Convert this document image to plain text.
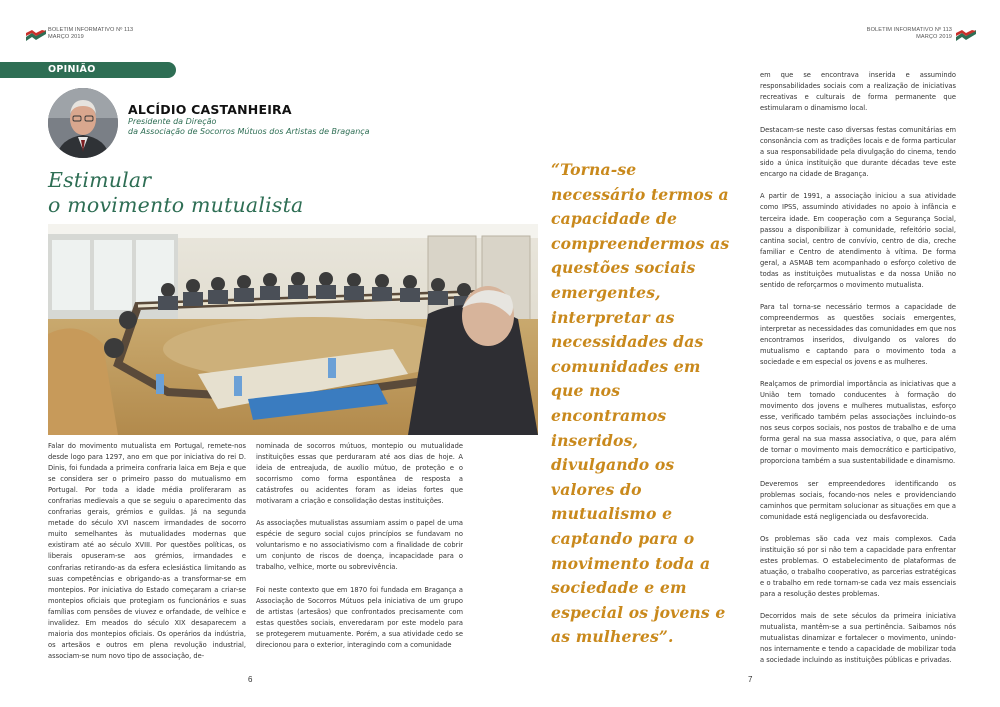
BOLETIM INFORMATIVO Nº 113
MARÇO 2019
BOLETIM INFORMATIVO Nº 113
MARÇO 2019
OPINIÃO
ALCÍDIO CASTANHEIRA
Presidente da Direção
da Associação de Socorros Mútuos dos Artistas de Bragança
Estimular
o movimento mutualista

Falar do movimento mutualista em Portugal, remete-nos desde logo para 1297, ano em que por iniciativa do rei D. Dinis, foi fundada a primeira confraria laica em Beja e que se considera ser o primeiro passo do mutualismo em Portugal. Por toda a idade média proliferaram as confrarias medievais a que se seguiu o aparecimento das confrarias gerais, grémios e guildas. Já na segunda metade do século XVI nascem irmandades de socorro muito semelhantes às mutualidades modernas que existiram até ao século XVIII. Por questões políticas, os liberais opuseram-se aos grémios, irmandades e confrarias retirando-as da esfera eclesiástica limitando as suas competências e obrigando-as a transformar-se em montepios. Por iniciativa do Estado começaram a criar-se montepios oficiais que protegiam os funcionários e suas famílias com pensões de viuvez e orfandade, de velhice e invalidez. Em meados do século XIX desaparecem a maioria dos montepios oficiais. Os operários da indústria, os artesãos e outros em plena revolução industrial, associam-se num novo tipo de associação, de-

nominada de socorros mútuos, montepio ou mutualidade instituições essas que perduraram até aos dias de hoje. A ideia de entreajuda, de auxílio mútuo, de proteção e o socorrismo como forma espontânea de resposta a catástrofes ou acidentes foram as ideias fortes que motivaram a criação e consolidação destas instituições.

As associações mutualistas assumiam assim o papel de uma espécie de seguro social cujos princípios se fundavam no voluntarismo e no associativismo com a finalidade de cobrir um conjunto de riscos de doença, incapacidade para o trabalho, velhice, morte ou sobrevivência.

Foi neste contexto que em 1870 foi fundada em Bragança a Associação de Socorros Mútuos pela iniciativa de um grupo de artistas (artesãos) que confrontados precisamente com estas questões sociais, enveredaram por este modelo para se protegerem mutuamente. Porém, a sua atividade cedo se direcionou para o exterior, interagindo com a comunidade

“Torna-se necessário termos a capacidade de compreendermos as questões sociais emergentes, interpretar as necessidades das comunidades em que nos encontramos inseridos, divulgando os valores do mutualismo e captando para o movimento toda a sociedade e em especial os jovens e as mulheres”.

em que se encontrava inserida e assumindo responsabilidades sociais com a realização de iniciativas recreativas e culturais de forma permanente que estimularam o dinamismo local.

Destacam-se neste caso diversas festas comunitárias em consonância com as tradições locais e de forma particular a sua responsabilidade pela divulgação do cinema, tendo sido a única instituição que durante décadas teve este encargo na cidade de Bragança.

A partir de 1991, a associação iniciou a sua atividade como IPSS, assumindo atividades no apoio à infância e terceira idade. Em cooperação com a Segurança Social, passou a disponibilizar à comunidade, refeitório social, cantina social, centro de convívio, centro de dia, creche familiar e Centro de atendimento à vítima. De forma geral, a ASMAB tem acompanhado o esforço coletivo de todas as instituições mutualistas e da nossa União no sentido de reforçarmos o movimento mutualista.

Para tal torna-se necessário termos a capacidade de compreendermos as questões sociais emergentes, interpretar as necessidades das comunidades em que nos encontramos inseridos, divulgando os valores do mutualismo e captando para o movimento toda a sociedade e em especial os jovens e as mulheres.

Realçamos de primordial importância as iniciativas que a União tem tomado conducentes à formação do movimento dos jovens e mulheres mutualistas, esforço esse, verificado também pelas associações incluindo-os nos seus corpos sociais, nos postos de trabalho e de uma forma geral na sua massa associativa, o que, para além de tornar o movimento mais democrático e participativo, proporciona também a sua sustentabilidade e dinamismo.

Deveremos ser empreendedores identificando os problemas sociais, focando-nos neles e providenciando caminhos que permitam solucionar as situações em que a comunidade está negligenciada ou desfavorecida.

Os problemas são cada vez mais complexos. Cada instituição só por si não tem a capacidade para enfrentar estes problemas. O estabelecimento de plataformas de atuação, o trabalho cooperativo, as parcerias estratégicas e o trabalho em rede tornam-se cada vez mais essenciais para a resolução destes problemas.

Decorridos mais de sete séculos da primeira iniciativa mutualista, mantêm-se a sua pertinência. Saibamos nós mutualistas dinamizar e fortalecer o movimento, unindo-nos internamente e tendo a capacidade de mobilizar toda a sociedade incluindo as instituições públicas e privadas.

6	7
